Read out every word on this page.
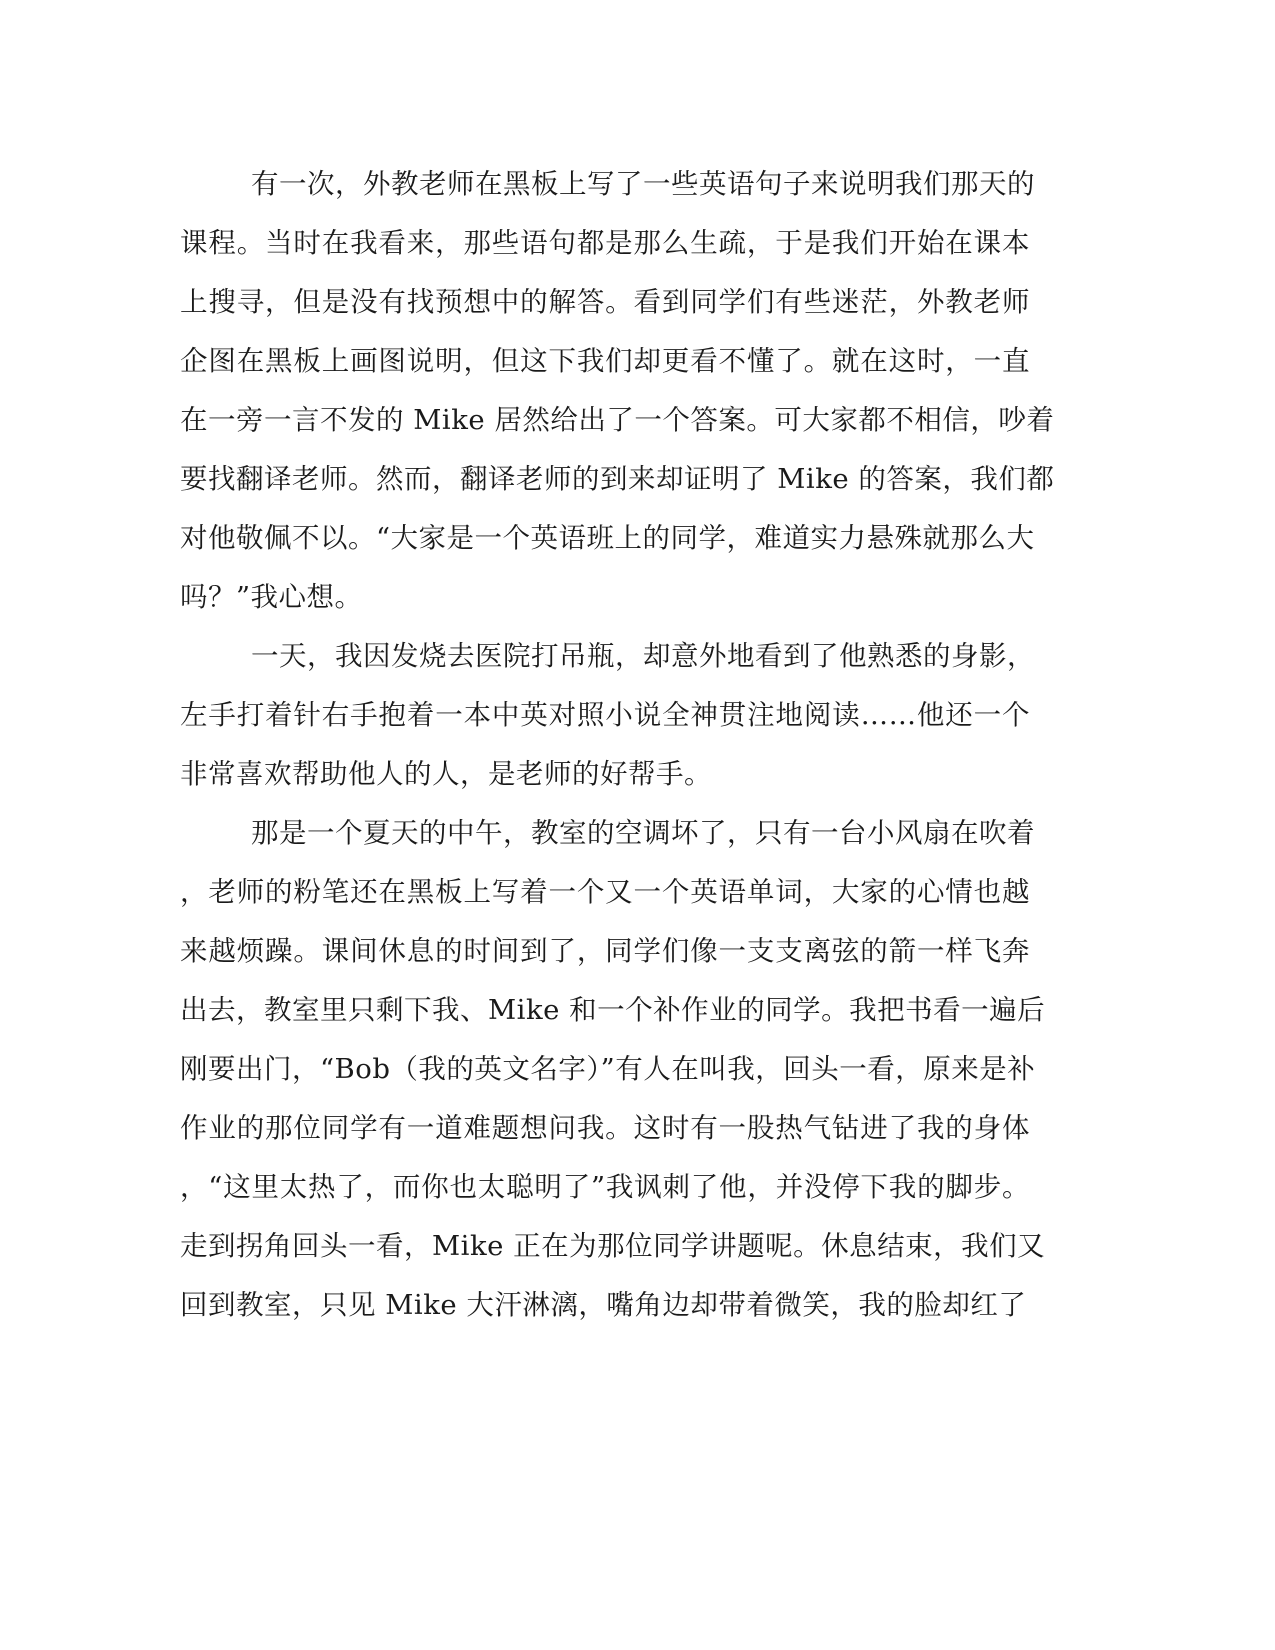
有一次，外教老师在黑板上写了一些英语句子来说明我们那天的
课程。当时在我看来，那些语句都是那么生疏，于是我们开始在课本
上搜寻，但是没有找预想中的解答。看到同学们有些迷茫，外教老师
企图在黑板上画图说明，但这下我们却更看不懂了。就在这时，一直
在一旁一言不发的 Mike 居然给出了一个答案。可大家都不相信，吵着
要找翻译老师。然而，翻译老师的到来却证明了 Mike 的答案，我们都
对他敬佩不以。“大家是一个英语班上的同学，难道实力悬殊就那么大
吗？”我心想。
一天，我因发烧去医院打吊瓶，却意外地看到了他熟悉的身影，
左手打着针右手抱着一本中英对照小说全神贯注地阅读……他还一个
非常喜欢帮助他人的人，是老师的好帮手。
那是一个夏天的中午，教室的空调坏了，只有一台小风扇在吹着
，老师的粉笔还在黑板上写着一个又一个英语单词，大家的心情也越
来越烦躁。课间休息的时间到了，同学们像一支支离弦的箭一样飞奔
出去，教室里只剩下我、Mike 和一个补作业的同学。我把书看一遍后
刚要出门，“Bob（我的英文名字）”有人在叫我，回头一看，原来是补
作业的那位同学有一道难题想问我。这时有一股热气钻进了我的身体
，“这里太热了，而你也太聪明了”我讽刺了他，并没停下我的脚步。
走到拐角回头一看，Mike 正在为那位同学讲题呢。休息结束，我们又
回到教室，只见 Mike 大汗淋漓，嘴角边却带着微笑，我的脸却红了
